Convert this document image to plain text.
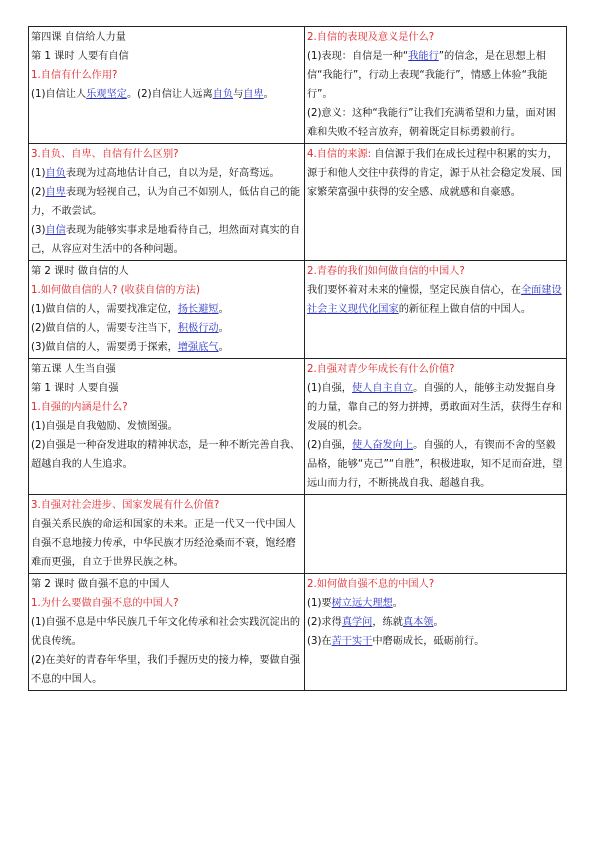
第四课 自信给人力量
第 1 课时 人要有自信
1.自信有什么作用?
(1)自信让人乐观坚定。(2)自信让人远离自负与自卑。	2.自信的表现及意义是什么?
(1)表现：自信是一种“我能行”的信念，是在思想上相信“我能行”，行动上表现“我能行”，情感上体验“我能行”。
(2)意义：这种“我能行”让我们充满希望和力量，面对困难和失败不轻言放弃，朝着既定目标勇毅前行。

3.自负、自卑、自信有什么区别?
(1)自负表现为过高地估计自己，自以为是，好高骛远。
(2)自卑表现为轻视自己，认为自己不如别人，低估自己的能力，不敢尝试。
(3)自信表现为能够实事求是地看待自己，坦然面对真实的自己，从容应对生活中的各种问题。	4.自信的来源: 自信源于我们在成长过程中积累的实力，源于和他人交往中获得的肯定，源于从社会稳定发展、国家繁荣富强中获得的安全感、成就感和自豪感。

第 2 课时 做自信的人
1.如何做自信的人? (收获自信的方法)
(1)做自信的人，需要找准定位，扬长避短。
(2)做自信的人，需要专注当下，积极行动。
(3)做自信的人，需要勇于探索，增强底气。	2.青春的我们如何做自信的中国人?
我们要怀着对未来的憧憬，坚定民族自信心，在全面建设社会主义现代化国家的新征程上做自信的中国人。

第五课 人生当自强
第 1 课时 人要自强
1.自强的内涵是什么?
(1)自强是自我勉励、发愤图强。
(2)自强是一种奋发进取的精神状态，是一种不断完善自我、超越自我的人生追求。	2.自强对青少年成长有什么价值?
(1)自强，使人自主自立。自强的人，能够主动发掘自身的力量，靠自己的努力拼搏，勇敢面对生活，获得生存和发展的机会。
(2)自强，使人奋发向上。自强的人，有锲而不舍的坚毅品格，能够“克己”“自胜”，积极进取，知不足而奋进，望远山而力行，不断挑战自我、超越自我。

3.自强对社会进步、国家发展有什么价值?
自强关系民族的命运和国家的未来。正是一代又一代中国人自强不息地接力传承，中华民族才历经沧桑而不衰，饱经磨难而更强，自立于世界民族之林。	

第 2 课时 做自强不息的中国人
1.为什么要做自强不息的中国人?
(1)自强不息是中华民族几千年文化传承和社会实践沉淀出的优良传统。
(2)在美好的青春年华里，我们手握历史的接力棒，要做自强不息的中国人。	2.如何做自强不息的中国人?
(1)要树立远大理想。
(2)求得真学问，练就真本领。
(3)在苦干实干中磨砺成长，砥砺前行。
